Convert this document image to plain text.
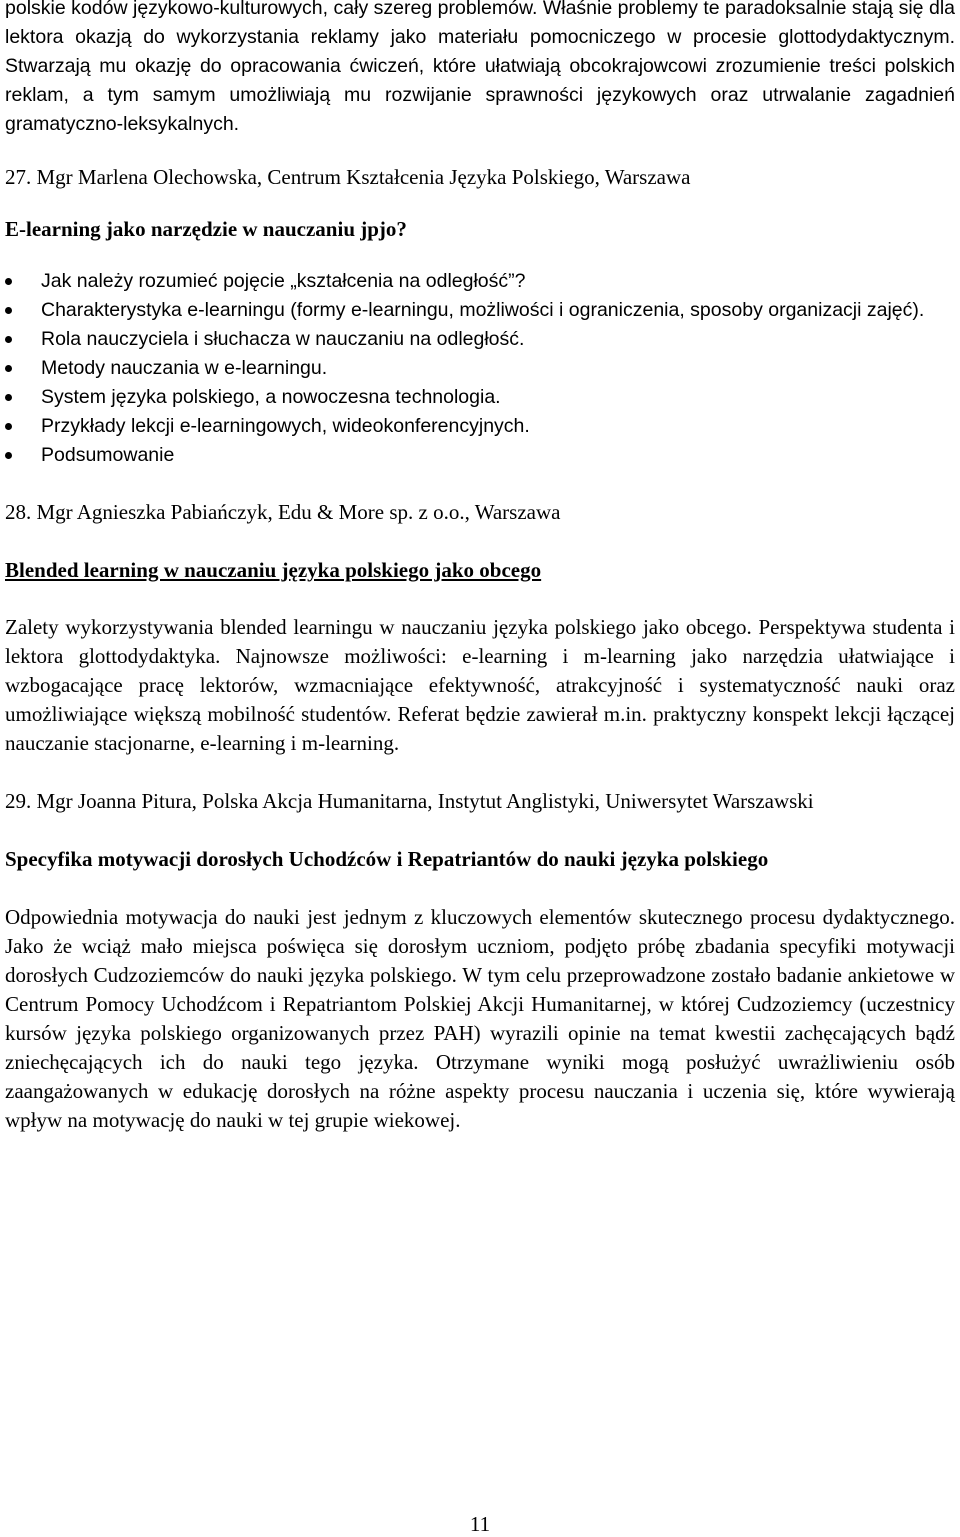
polskie kodów językowo-kulturowych, cały szereg problemów. Właśnie problemy te paradoksalnie stają się dla lektora okazją do wykorzystania reklamy jako materiału pomocniczego w procesie glottodydaktycznym. Stwarzają mu okazję do opracowania ćwiczeń, które ułatwiają obcokrajowcowi zrozumienie treści polskich reklam, a tym samym umożliwiają mu rozwijanie sprawności językowych oraz utrwalanie zagadnień gramatyczno-leksykalnych.

27. Mgr Marlena Olechowska, Centrum Kształcenia Języka Polskiego, Warszawa

E-learning jako narzędzie w nauczaniu jpjo?

Jak należy rozumieć pojęcie „kształcenia na odległość”?
Charakterystyka e-learningu (formy e-learningu, możliwości i ograniczenia, sposoby organizacji zajęć).
Rola nauczyciela i słuchacza w nauczaniu na odległość.
Metody nauczania w e-learningu.
System języka polskiego, a nowoczesna technologia.
Przykłady lekcji e-learningowych, wideokonferencyjnych.
Podsumowanie

28. Mgr Agnieszka Pabiańczyk, Edu & More sp. z o.o., Warszawa

Blended learning w nauczaniu języka polskiego jako obcego

Zalety wykorzystywania blended learningu w nauczaniu języka polskiego jako obcego. Perspektywa studenta i lektora glottodydaktyka. Najnowsze możliwości: e-learning i m-learning jako narzędzia ułatwiające i wzbogacające pracę lektorów, wzmacniające efektywność, atrakcyjność i systematyczność nauki oraz umożliwiające większą mobilność studentów. Referat będzie zawierał m.in. praktyczny konspekt lekcji łączącej nauczanie stacjonarne, e-learning i m-learning.

29. Mgr Joanna Pitura, Polska Akcja Humanitarna, Instytut Anglistyki, Uniwersytet Warszawski

Specyfika motywacji dorosłych Uchodźców i Repatriantów do nauki języka polskiego

Odpowiednia motywacja do nauki jest jednym z kluczowych elementów skutecznego procesu dydaktycznego. Jako że wciąż mało miejsca poświęca się dorosłym uczniom, podjęto próbę zbadania specyfiki motywacji dorosłych Cudzoziemców do nauki języka polskiego. W tym celu przeprowadzone zostało badanie ankietowe w Centrum Pomocy Uchodźcom i Repatriantom Polskiej Akcji Humanitarnej, w której Cudzoziemcy (uczestnicy kursów języka polskiego organizowanych przez PAH) wyrazili opinie na temat kwestii zachęcających bądź zniechęcających ich do nauki tego języka. Otrzymane wyniki mogą posłużyć uwrażliwieniu osób zaangażowanych w edukację dorosłych na różne aspekty procesu nauczania i uczenia się, które wywierają wpływ na motywację do nauki w tej grupie wiekowej.

11
